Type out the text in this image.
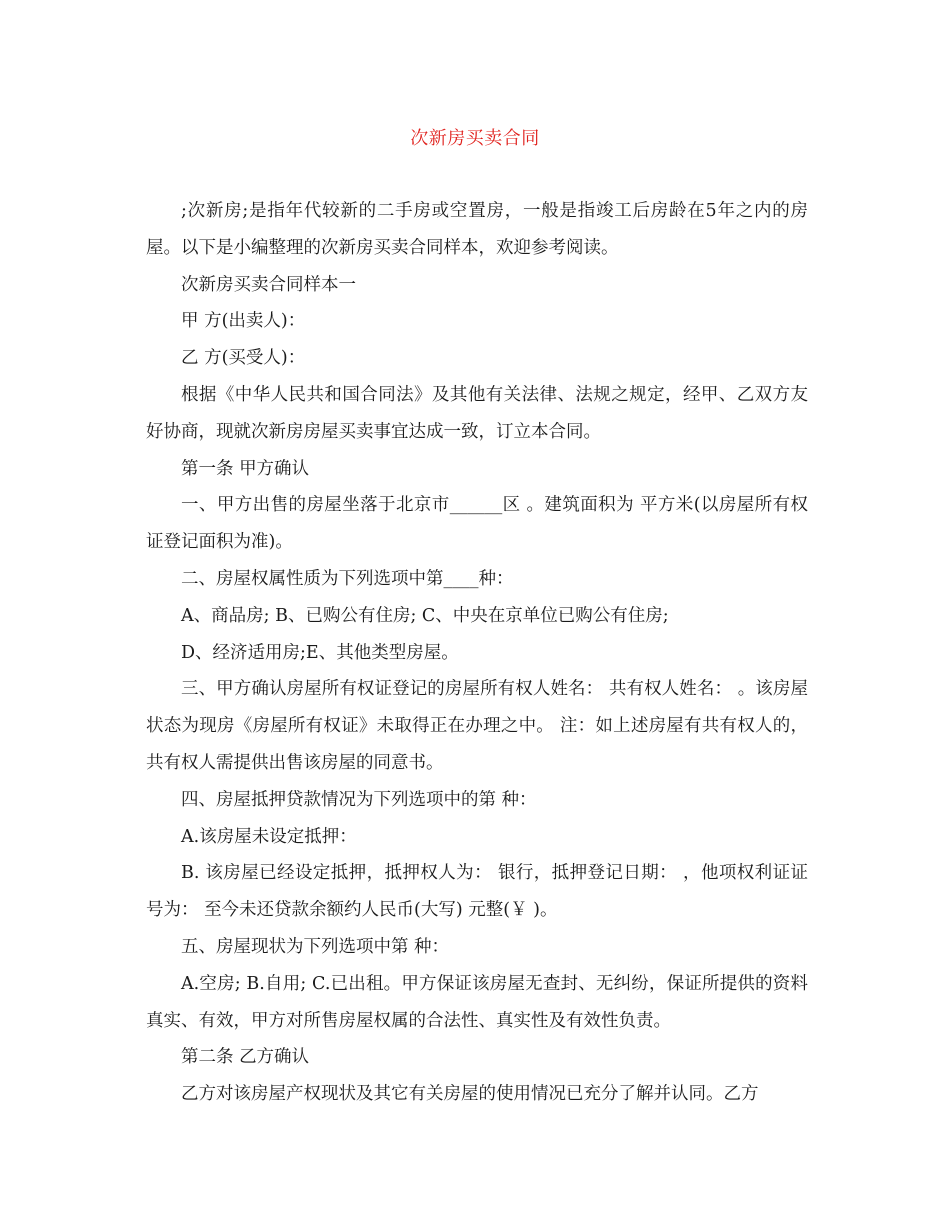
次新房买卖合同

;次新房;是指年代较新的二手房或空置房，一般是指竣工后房龄在5年之内的房屋。以下是小编整理的次新房买卖合同样本，欢迎参考阅读。

次新房买卖合同样本一

甲 方(出卖人)：

乙 方(买受人)：

根据《中华人民共和国合同法》及其他有关法律、法规之规定，经甲、乙双方友好协商，现就次新房房屋买卖事宜达成一致，订立本合同。

第一条 甲方确认

一、甲方出售的房屋坐落于北京市______区 。建筑面积为 平方米(以房屋所有权证登记面积为准)。

二、房屋权属性质为下列选项中第____种：

A、商品房; B、已购公有住房; C、中央在京单位已购公有住房;

D、经济适用房;E、其他类型房屋。

三、甲方确认房屋所有权证登记的房屋所有权人姓名： 共有权人姓名： 。该房屋状态为现房《房屋所有权证》未取得正在办理之中。 注：如上述房屋有共有权人的，共有权人需提供出售该房屋的同意书。

四、房屋抵押贷款情况为下列选项中的第 种：

A.该房屋未设定抵押：

B. 该房屋已经设定抵押，抵押权人为： 银行，抵押登记日期： ，他项权利证证号为： 至今未还贷款余额约人民币(大写) 元整(￥ )。

五、房屋现状为下列选项中第 种：

A.空房; B.自用; C.已出租。甲方保证该房屋无查封、无纠纷，保证所提供的资料真实、有效，甲方对所售房屋权属的合法性、真实性及有效性负责。

第二条 乙方确认

乙方对该房屋产权现状及其它有关房屋的使用情况已充分了解并认同。乙方
